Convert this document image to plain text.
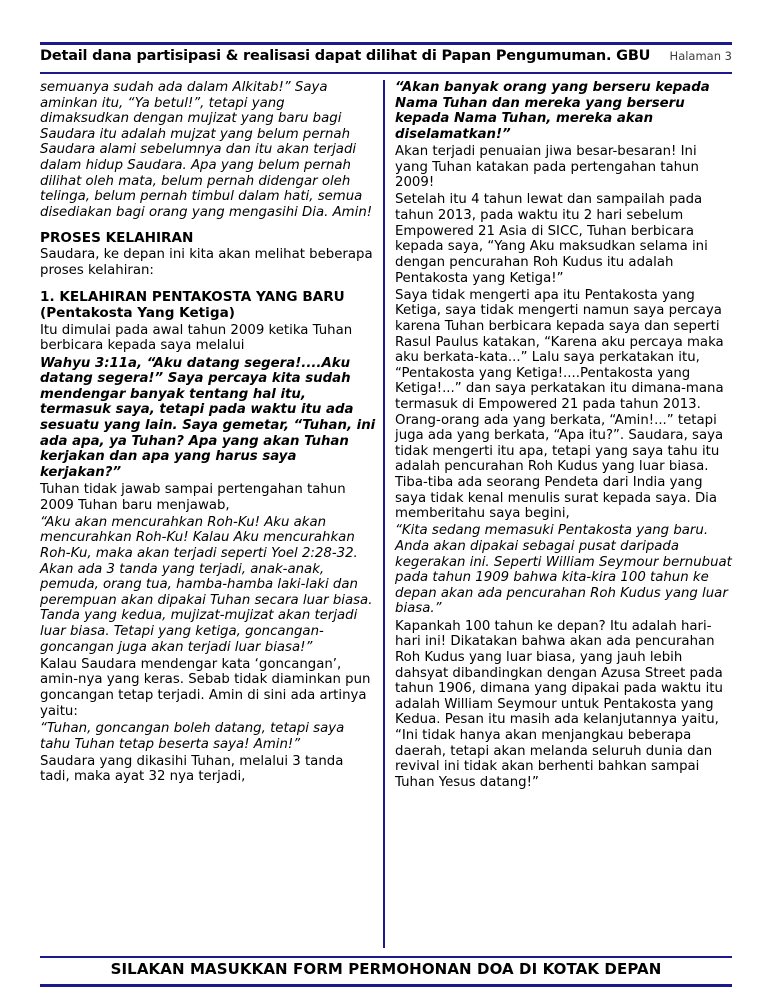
Detail dana partisipasi & realisasi dapat dilihat di Papan Pengumuman. GBU	Halaman 3

semuanya sudah ada dalam Alkitab!” Saya aminkan itu, “Ya betul!”, tetapi yang dimaksudkan dengan mujizat yang baru bagi Saudara itu adalah mujzat yang belum pernah Saudara alami sebelumnya dan itu akan terjadi dalam hidup Saudara. Apa yang belum pernah dilihat oleh mata, belum pernah didengar oleh telinga, belum pernah timbul dalam hati, semua disediakan bagi orang yang mengasihi Dia. Amin!

PROSES KELAHIRAN

Saudara, ke depan ini kita akan melihat beberapa proses kelahiran:

1. KELAHIRAN PENTAKOSTA YANG BARU (Pentakosta Yang Ketiga)

Itu dimulai pada awal tahun 2009 ketika Tuhan berbicara kepada saya melalui

Wahyu 3:11a, “Aku datang segera!....Aku datang segera!” Saya percaya kita sudah mendengar banyak tentang hal itu, termasuk saya, tetapi pada waktu itu ada sesuatu yang lain. Saya gemetar, “Tuhan, ini ada apa, ya Tuhan? Apa yang akan Tuhan kerjakan dan apa yang harus saya kerjakan?”

Tuhan tidak jawab sampai pertengahan tahun 2009 Tuhan baru menjawab,

“Aku akan mencurahkan Roh-Ku! Aku akan mencurahkan Roh-Ku! Kalau Aku mencurahkan Roh-Ku, maka akan terjadi seperti Yoel 2:28-32. Akan ada 3 tanda yang terjadi, anak-anak, pemuda, orang tua, hamba-hamba laki-laki dan perempuan akan dipakai Tuhan secara luar biasa. Tanda yang kedua, mujizat-mujizat akan terjadi luar biasa. Tetapi yang ketiga, goncangan-goncangan juga akan terjadi luar biasa!”

Kalau Saudara mendengar kata ‘goncangan’, amin-nya yang keras. Sebab tidak diaminkan pun goncangan tetap terjadi. Amin di sini ada artinya yaitu:

“Tuhan, goncangan boleh datang, tetapi saya tahu Tuhan tetap beserta saya! Amin!”

Saudara yang dikasihi Tuhan, melalui 3 tanda tadi, maka ayat 32 nya terjadi,

“Akan banyak orang yang berseru kepada Nama Tuhan dan mereka yang berseru kepada Nama Tuhan, mereka akan diselamatkan!”

Akan terjadi penuaian jiwa besar-besaran! Ini yang Tuhan katakan pada pertengahan tahun 2009!

Setelah itu 4 tahun lewat dan sampailah pada tahun 2013, pada waktu itu 2 hari sebelum Empowered 21 Asia di SICC, Tuhan berbicara kepada saya, “Yang Aku maksudkan selama ini dengan pencurahan Roh Kudus itu adalah Pentakosta yang Ketiga!”

Saya tidak mengerti apa itu Pentakosta yang Ketiga, saya tidak mengerti namun saya percaya karena Tuhan berbicara kepada saya dan seperti Rasul Paulus katakan, “Karena aku percaya maka aku berkata-kata...” Lalu saya perkatakan itu, “Pentakosta yang Ketiga!....Pentakosta yang Ketiga!...” dan saya perkatakan itu dimana-mana termasuk di Empowered 21 pada tahun 2013. Orang-orang ada yang berkata, “Amin!...” tetapi juga ada yang berkata, “Apa itu?”. Saudara, saya tidak mengerti itu apa, tetapi yang saya tahu itu adalah pencurahan Roh Kudus yang luar biasa. Tiba-tiba ada seorang Pendeta dari India yang saya tidak kenal menulis surat kepada saya. Dia memberitahu saya begini,

“Kita sedang memasuki Pentakosta yang baru. Anda akan dipakai sebagai pusat daripada kegerakan ini. Seperti William Seymour bernubuat pada tahun 1909 bahwa kita-kira 100 tahun ke depan akan ada pencurahan Roh Kudus yang luar biasa.”

Kapankah 100 tahun ke depan? Itu adalah hari-hari ini! Dikatakan bahwa akan ada pencurahan Roh Kudus yang luar biasa, yang jauh lebih dahsyat dibandingkan dengan Azusa Street pada tahun 1906, dimana yang dipakai pada waktu itu adalah William Seymour untuk Pentakosta yang Kedua. Pesan itu masih ada kelanjutannya yaitu, “Ini tidak hanya akan menjangkau beberapa daerah, tetapi akan melanda seluruh dunia dan revival ini tidak akan berhenti bahkan sampai Tuhan Yesus datang!”

SILAKAN MASUKKAN FORM PERMOHONAN DOA DI KOTAK DEPAN
